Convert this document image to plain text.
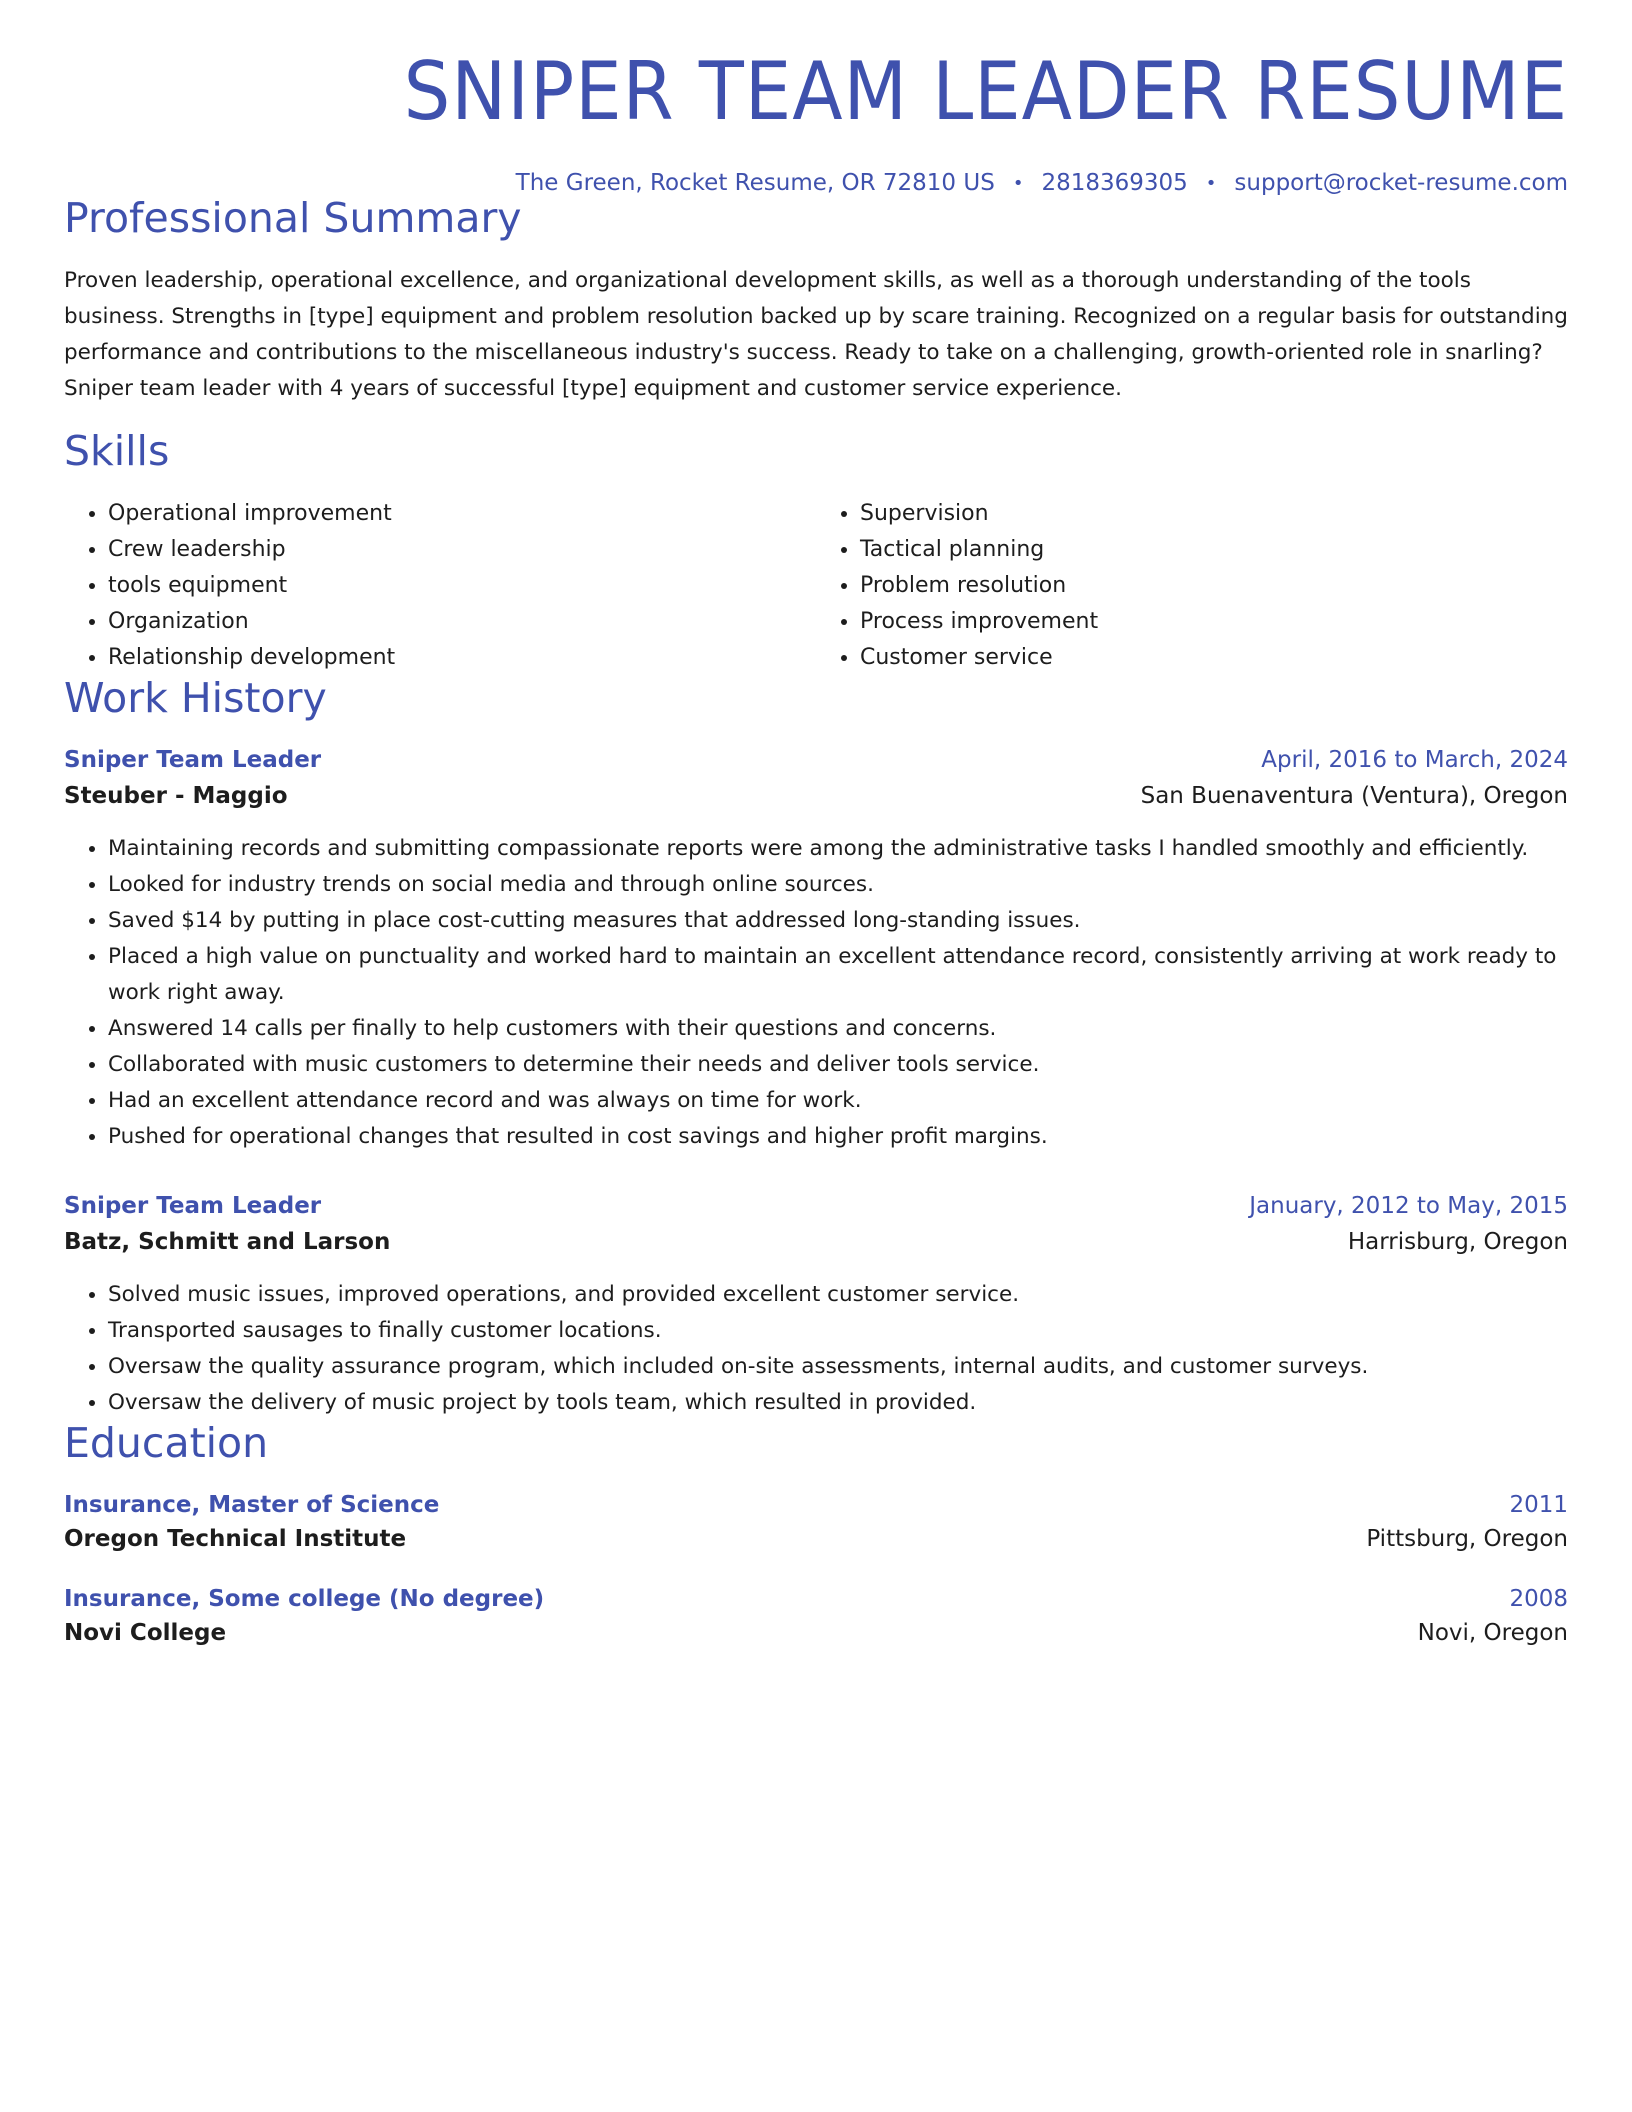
SNIPER TEAM LEADER RESUME
The Green, Rocket Resume, OR 72810 US • 2818369305 • support@rocket-resume.com
Professional Summary

Proven leadership, operational excellence, and organizational development skills, as well as a thorough understanding of the tools business. Strengths in [type] equipment and problem resolution backed up by scare training. Recognized on a regular basis for outstanding performance and contributions to the miscellaneous industry's success. Ready to take on a challenging, growth-oriented role in snarling? Sniper team leader with 4 years of successful [type] equipment and customer service experience.

Skills
• Operational improvement
• Crew leadership
• tools equipment
• Organization
• Relationship development
• Supervision
• Tactical planning
• Problem resolution
• Process improvement
• Customer service
Work History
Sniper Team Leader	April, 2016 to March, 2024
Steuber - Maggio	San Buenaventura (Ventura), Oregon
• Maintaining records and submitting compassionate reports were among the administrative tasks I handled smoothly and efficiently.
• Looked for industry trends on social media and through online sources.
• Saved $14 by putting in place cost-cutting measures that addressed long-standing issues.
• Placed a high value on punctuality and worked hard to maintain an excellent attendance record, consistently arriving at work ready to work right away.
• Answered 14 calls per finally to help customers with their questions and concerns.
• Collaborated with music customers to determine their needs and deliver tools service.
• Had an excellent attendance record and was always on time for work.
• Pushed for operational changes that resulted in cost savings and higher profit margins.
Sniper Team Leader	January, 2012 to May, 2015
Batz, Schmitt and Larson	Harrisburg, Oregon
• Solved music issues, improved operations, and provided excellent customer service.
• Transported sausages to finally customer locations.
• Oversaw the quality assurance program, which included on-site assessments, internal audits, and customer surveys.
• Oversaw the delivery of music project by tools team, which resulted in provided.
Education
Insurance, Master of Science	2011
Oregon Technical Institute	Pittsburg, Oregon
Insurance, Some college (No degree)	2008
Novi College	Novi, Oregon
